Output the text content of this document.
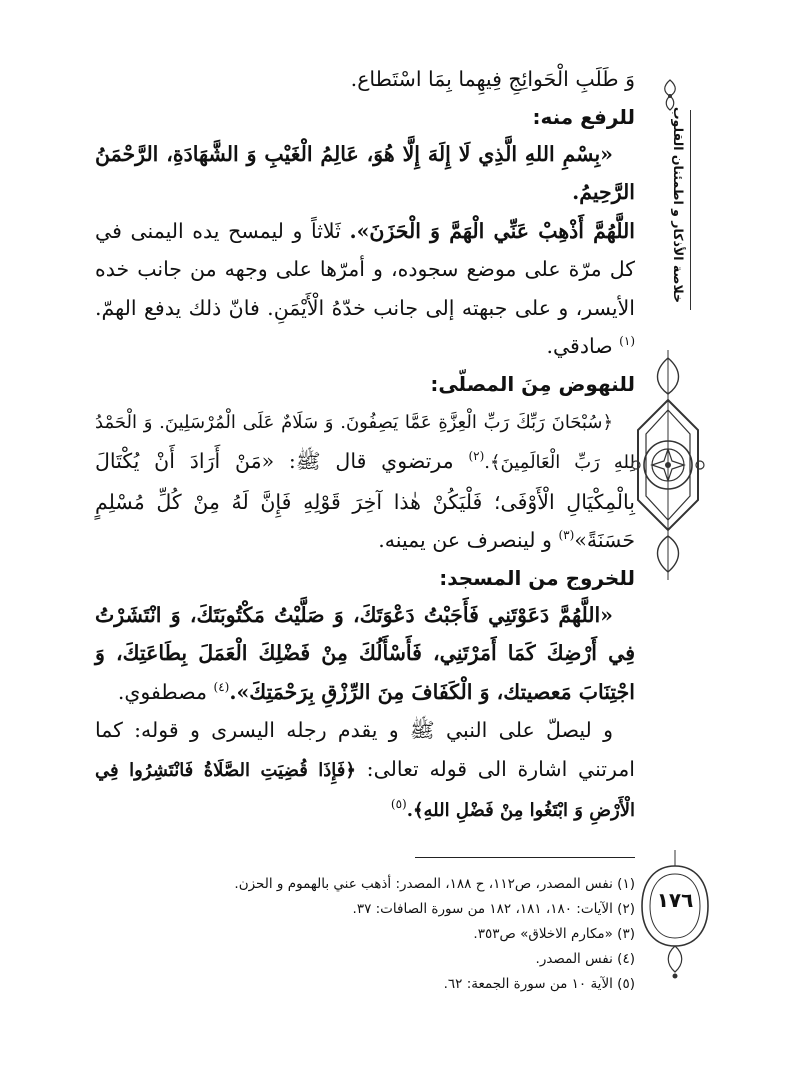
وَ طَلَبِ الْحَوائِجِ فِيهِما بِمَا اسْتَطاع.

للرفع منه:

«بِسْمِ اللهِ الَّذِي لَا إِلَهَ إِلَّا هُوَ، عَالِمُ الْغَيْبِ وَ الشَّهَادَةِ، الرَّحْمَنُ الرَّحِيمُ.

اللَّهُمَّ أَذْهِبْ عَنِّي الْهَمَّ وَ الْحَزَنَ». ثَلاثاً و ليمسح يده اليمنى في كل مرّة على موضع سجوده، و أمرّها على وجهه من جانب خده الأيسر، و على جبهته إلى جانب خدّهُ الْأَيْمَنِ. فانّ ذلك يدفع الهمّ.$^{(١)}$ صادقي.

للنهوض مِنَ المصلّى:

﴿سُبْحَانَ رَبِّكَ رَبِّ الْعِزَّةِ عَمَّا يَصِفُونَ. وَ سَلَامٌ عَلَى الْمُرْسَلِينَ. وَ الْحَمْدُ لِلهِ رَبِّ الْعَالَمِينَ﴾.$^{(٢)}$ مرتضوي قال ﷺ: «مَنْ أَرَادَ أَنْ يُكْتَالَ بِالْمِكْيَالِ الْأَوْفَى؛ فَلْيَكُنْ هٰذا آخِرَ قَوْلِهِ فَإِنَّ لَهُ مِنْ كُلِّ مُسْلِمٍ حَسَنَةً»$^{(٣)}$ و لينصرف عن يمينه.

للخروج من المسجد:

«اللَّهُمَّ دَعَوْتَنِي فَأَجَبْتُ دَعْوَتَكَ، وَ صَلَّيْتُ مَكْتُوبَتَكَ، وَ انْتَشَرْتُ فِي أَرْضِكَ كَمَا أَمَرْتَنِي، فَأَسْأَلُكَ مِنْ فَضْلِكَ الْعَمَلَ بِطَاعَتِكَ، وَ اجْتِنَابَ مَعصيتك، وَ الْكَفَافَ مِنَ الرِّزْقِ بِرَحْمَتِكَ».$^{(٤)}$ مصطفوي.

و ليصلّ على النبي ﷺ و يقدم رجله اليسرى و قوله: كما امرتني اشارة الى قوله تعالى: ﴿فَإِذَا قُضِيَتِ الصَّلَاةُ فَانْتَشِرُوا فِي الْأَرْضِ وَ ابْتَغُوا مِنْ فَضْلِ اللهِ﴾.$^{(٥)}$

(١) نفس المصدر، ص١١٢، ح ١٨٨، المصدر: أذهب عني بالهموم و الحزن.
(٢) الآيات: ١٨٠، ١٨١، ١٨٢ من سورة الصافات: ٣٧.
(٣) «مكارم الاخلاق» ص٣٥٣.
(٤) نفس المصدر.
(٥) الآية ١٠ من سورة الجمعة: ٦٢.
خلاصة الأذكار و اطمئنان القلوب
١٧٦
